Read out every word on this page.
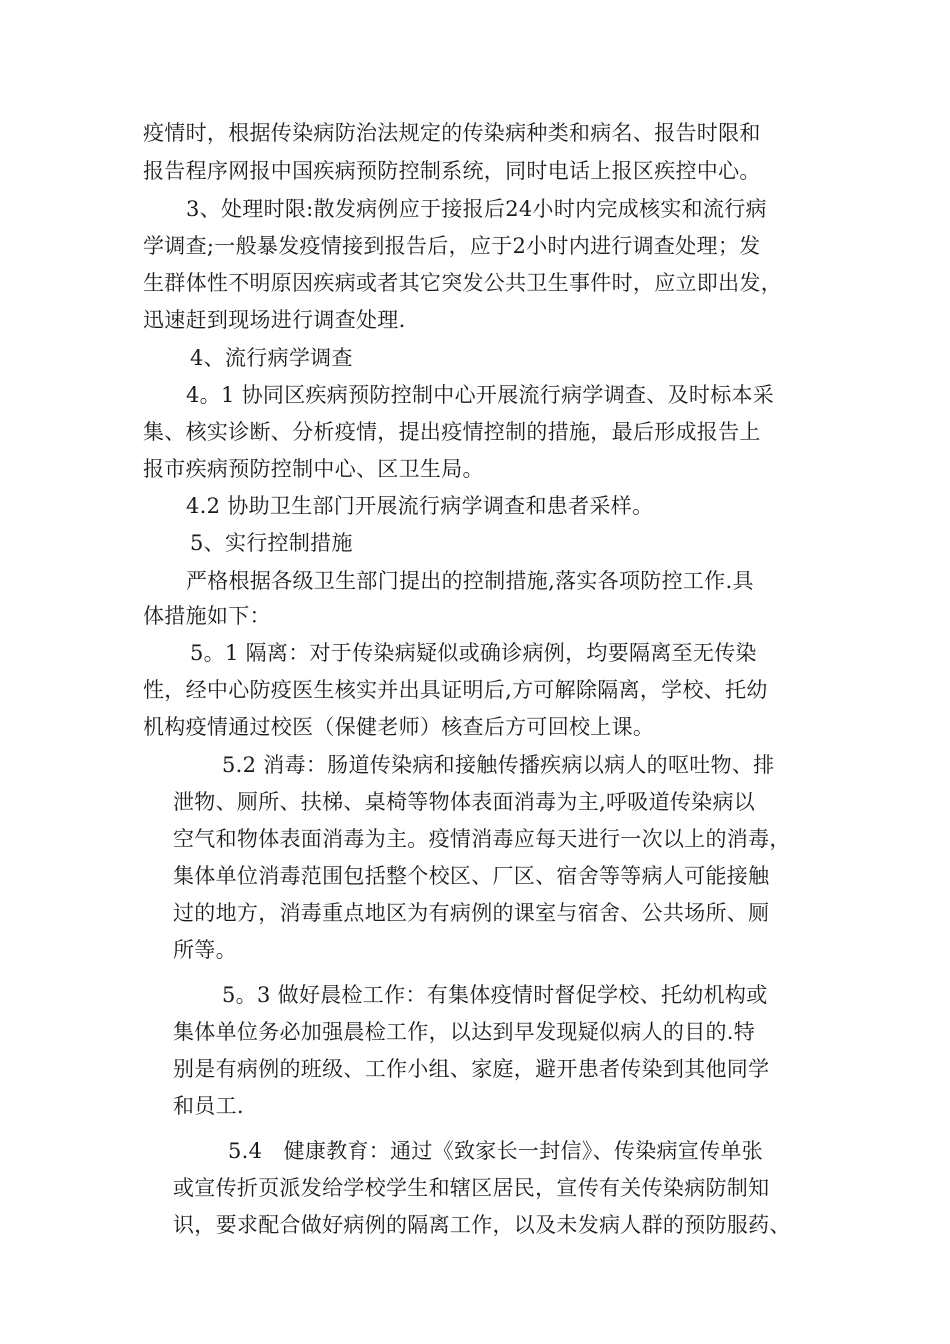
疫情时，根据传染病防治法规定的传染病种类和病名、报告时限和
报告程序网报中国疾病预防控制系统，同时电话上报区疾控中心。
3、处理时限:散发病例应于接报后24小时内完成核实和流行病
学调查;一般暴发疫情接到报告后，应于2小时内进行调查处理；发
生群体性不明原因疾病或者其它突发公共卫生事件时，应立即出发，
迅速赶到现场进行调查处理.
4、流行病学调查
4。1 协同区疾病预防控制中心开展流行病学调查、及时标本采
集、核实诊断、分析疫情，提出疫情控制的措施，最后形成报告上
报市疾病预防控制中心、区卫生局。
4.2 协助卫生部门开展流行病学调查和患者采样。
5、实行控制措施
严格根据各级卫生部门提出的控制措施,落实各项防控工作.具
体措施如下：
5。1 隔离：对于传染病疑似或确诊病例，均要隔离至无传染
性，经中心防疫医生核实并出具证明后,方可解除隔离，学校、托幼
机构疫情通过校医（保健老师）核查后方可回校上课。
5.2 消毒：肠道传染病和接触传播疾病以病人的呕吐物、排
泄物、厕所、扶梯、桌椅等物体表面消毒为主,呼吸道传染病以
空气和物体表面消毒为主。疫情消毒应每天进行一次以上的消毒，
集体单位消毒范围包括整个校区、厂区、宿舍等等病人可能接触
过的地方，消毒重点地区为有病例的课室与宿舍、公共场所、厕
所等。
5。3 做好晨检工作：有集体疫情时督促学校、托幼机构或
集体单位务必加强晨检工作，以达到早发现疑似病人的目的.特
别是有病例的班级、工作小组、家庭，避开患者传染到其他同学
和员工.
5.4　健康教育：通过《致家长一封信》、传染病宣传单张
或宣传折页派发给学校学生和辖区居民，宣传有关传染病防制知
识，要求配合做好病例的隔离工作，以及未发病人群的预防服药、
